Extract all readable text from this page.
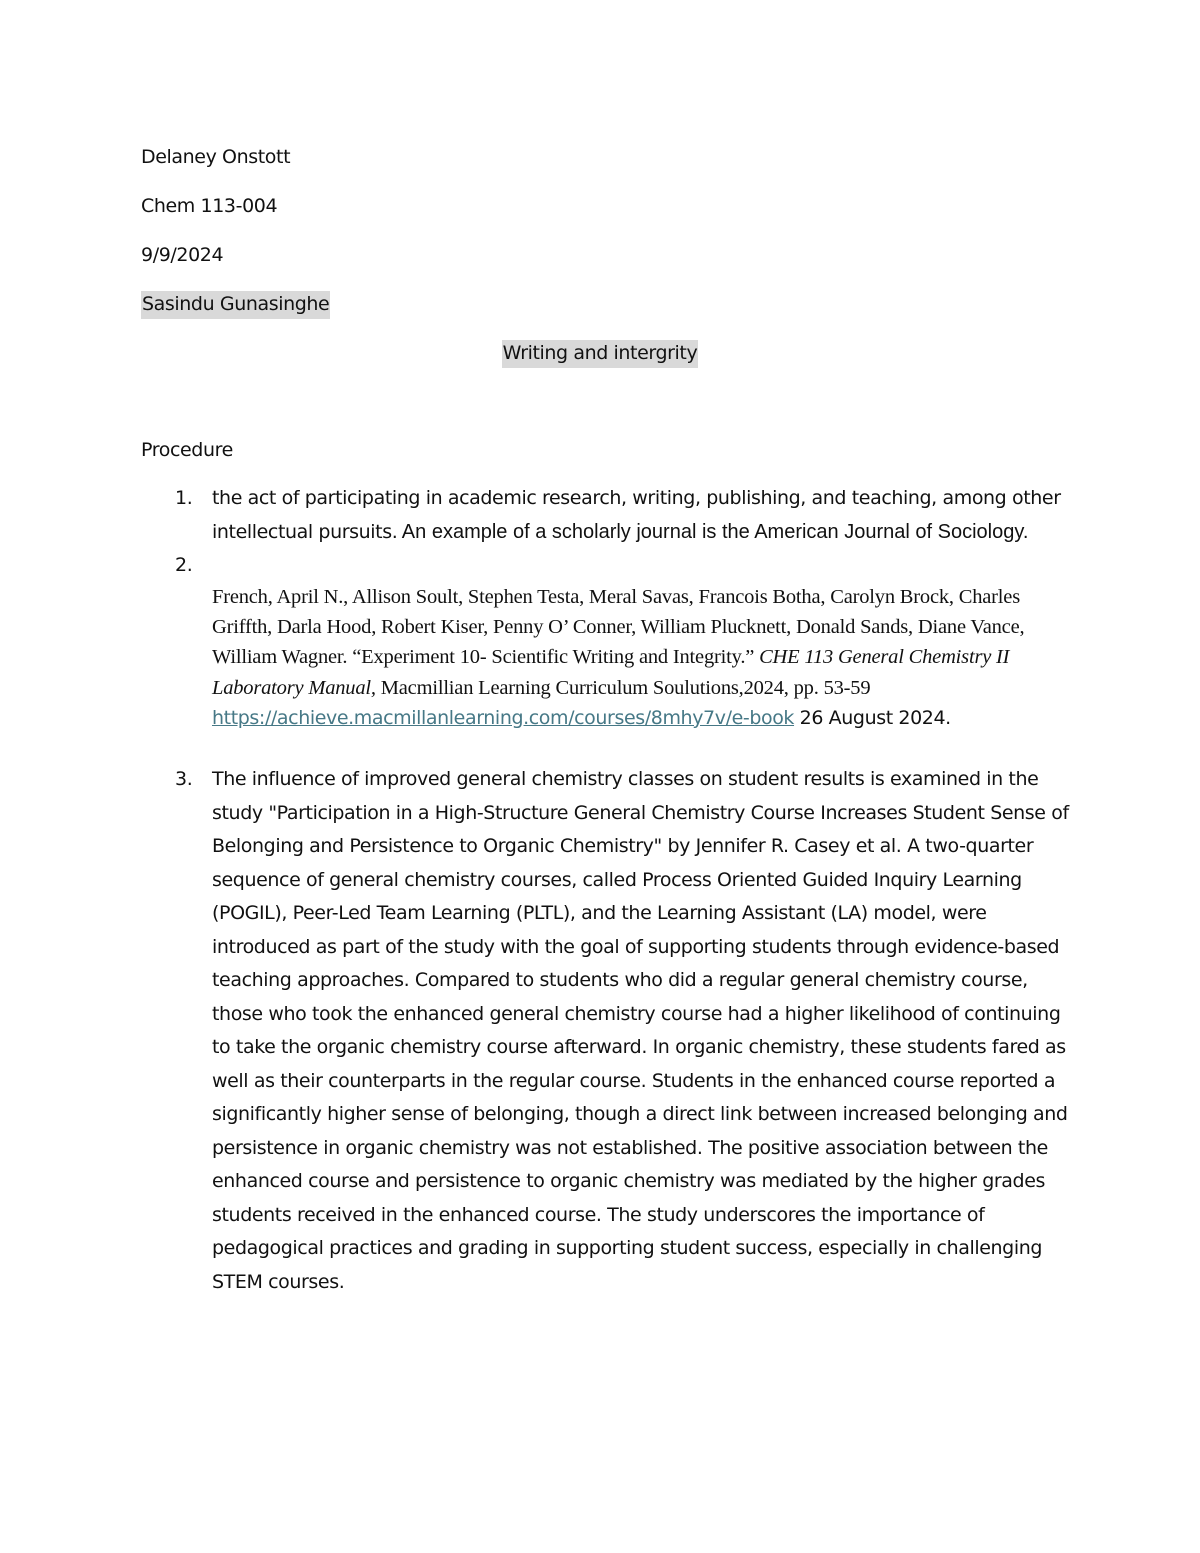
Delaney Onstott
Chem 113-004
9/9/2024
Sasindu Gunasinghe
Writing and intergrity
Procedure
1. the act of participating in academic research, writing, publishing, and teaching, among other intellectual pursuits. An example of a scholarly journal is the American Journal of Sociology.

2.

French, April N., Allison Soult, Stephen Testa, Meral Savas, Francois Botha, Carolyn Brock, Charles Griffth, Darla Hood, Robert Kiser, Penny O’ Conner, William Plucknett, Donald Sands, Diane Vance, William Wagner. “Experiment 10- Scientific Writing and Integrity.” CHE 113 General Chemistry II Laboratory Manual, Macmillian Learning Curriculum Soulutions,2024, pp. 53-59 https://achieve.macmillanlearning.com/courses/8mhy7v/e-book 26 August 2024.

3. The influence of improved general chemistry classes on student results is examined in the study "Participation in a High-Structure General Chemistry Course Increases Student Sense of Belonging and Persistence to Organic Chemistry" by Jennifer R. Casey et al. A two-quarter sequence of general chemistry courses, called Process Oriented Guided Inquiry Learning (POGIL), Peer-Led Team Learning (PLTL), and the Learning Assistant (LA) model, were introduced as part of the study with the goal of supporting students through evidence-based teaching approaches. Compared to students who did a regular general chemistry course, those who took the enhanced general chemistry course had a higher likelihood of continuing to take the organic chemistry course afterward. In organic chemistry, these students fared as well as their counterparts in the regular course. Students in the enhanced course reported a significantly higher sense of belonging, though a direct link between increased belonging and persistence in organic chemistry was not established. The positive association between the enhanced course and persistence to organic chemistry was mediated by the higher grades students received in the enhanced course. The study underscores the importance of pedagogical practices and grading in supporting student success, especially in challenging STEM courses.
